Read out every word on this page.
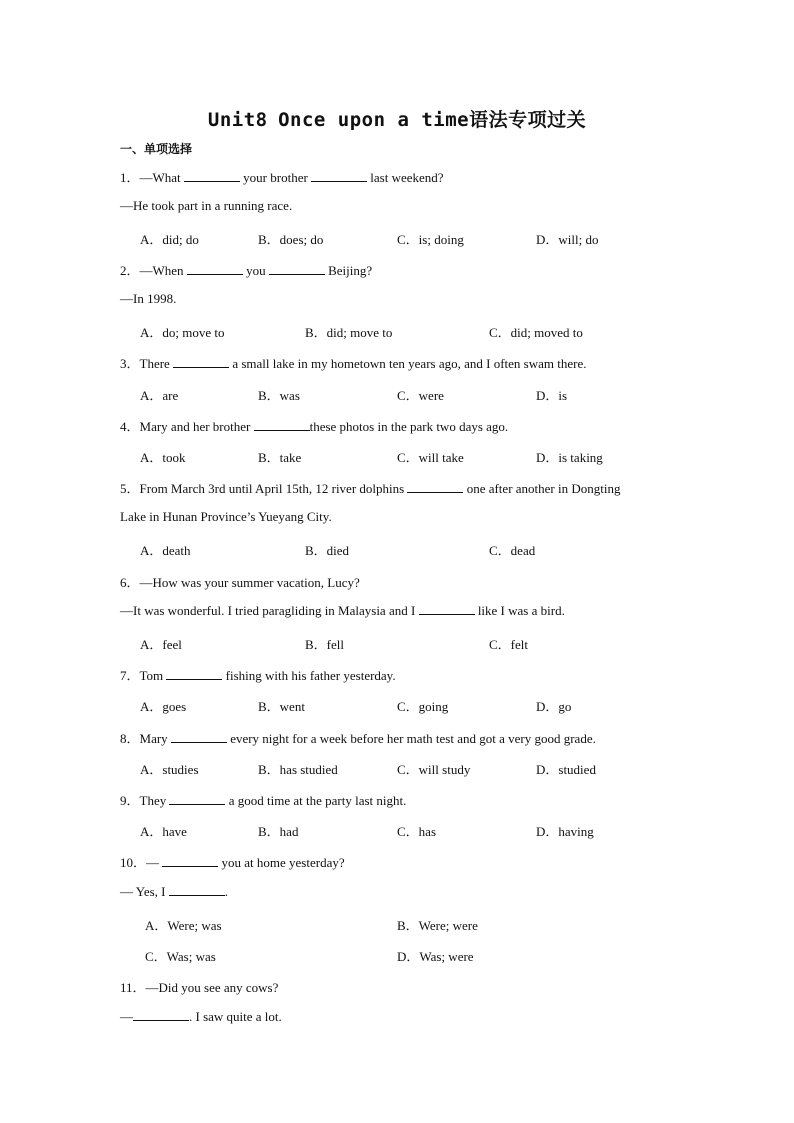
Unit8 Once upon a time语法专项过关
一、单项选择
1．—What	your brother	last weekend?
—He took part in a running race.
A．did; do	B．does; do	C．is; doing	D．will; do
2．—When	you	Beijing?
—In 1998.
A．do; move to	B．did; move to	C．did; moved to
3．There	a small lake in my hometown ten years ago, and I often swam there.
A．are	B．was	C．were	D．is
4．Mary and her brother	these photos in the park two days ago.
A．took	B．take	C．will take	D．is taking
5．From March 3rd until April 15th, 12 river dolphins	one after another in Dongting
Lake in Hunan Province’s Yueyang City.
A．death	B．died	C．dead
6．—How was your summer vacation, Lucy?
—It was wonderful. I tried paragliding in Malaysia and I	like I was a bird.
A．feel	B．fell	C．felt
7．Tom	fishing with his father yesterday.
A．goes	B．went	C．going	D．go
8．Mary	every night for a week before her math test and got a very good grade.
A．studies	B．has studied	C．will study	D．studied
9．They	a good time at the party last night.
A．have	B．had	C．has	D．having
10．—	you at home yesterday?
— Yes, I	.
A．Were; was	B．Were; were
C．Was; was	D．Was; were
11．—Did you see any cows?
—	. I saw quite a lot.
